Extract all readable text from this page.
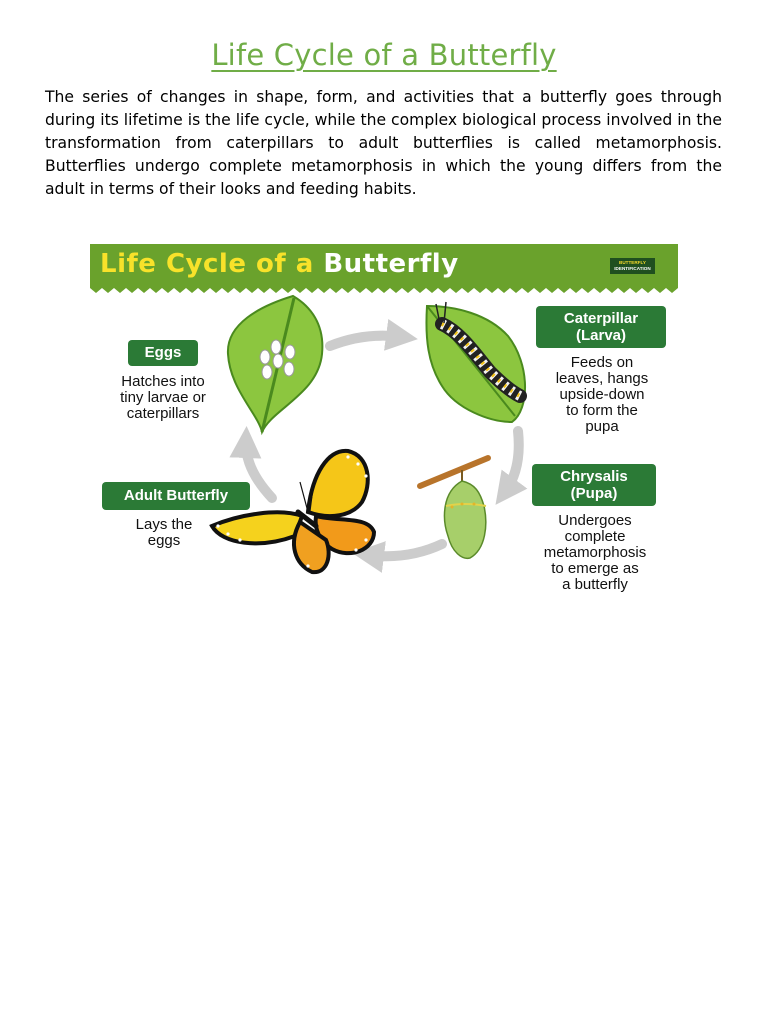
Life Cycle of a Butterfly

The series of changes in shape, form, and activities that a butterfly goes through during its lifetime is the life cycle, while the complex biological process involved in the transformation from caterpillars to adult butterflies is called metamorphosis. Butterflies undergo complete metamorphosis in which the young differs from the adult in terms of their looks and feeding habits.

Life Cycle of a Butterfly	BUTTERFLY
IDENTIFICATION
Eggs
Hatches into
tiny larvae or
caterpillars
Caterpillar
(Larva)
Feeds on
leaves, hangs
upside-down
to form the
pupa
Chrysalis
(Pupa)
Undergoes
complete
metamorphosis
to emerge as
a butterfly
Adult Butterfly
Lays the
eggs
